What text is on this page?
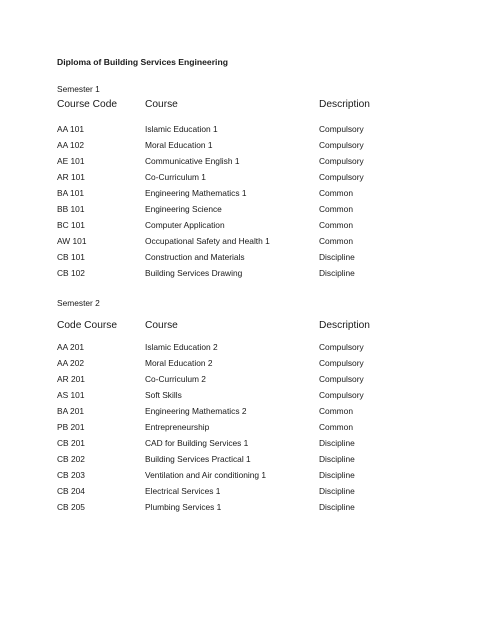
Diploma of Building Services Engineering
Semester 1
Course Code	Course	Description
AA 101	Islamic Education 1	Compulsory
AA 102	Moral Education 1	Compulsory
AE 101	Communicative English 1	Compulsory
AR 101	Co-Curriculum 1	Compulsory
BA 101	Engineering Mathematics 1	Common
BB 101	Engineering Science	Common
BC 101	Computer Application	Common
AW 101	Occupational Safety and Health 1	Common
CB 101	Construction and Materials	Discipline
CB 102	Building Services Drawing	Discipline
Semester 2
Code Course	Course	Description
AA 201	Islamic Education 2	Compulsory
AA 202	Moral Education 2	Compulsory
AR 201	Co-Curriculum 2	Compulsory
AS 101	Soft Skills	Compulsory
BA 201	Engineering Mathematics 2	Common
PB 201	Entrepreneurship	Common
CB 201	CAD for Building Services 1	Discipline
CB 202	Building Services Practical 1	Discipline
CB 203	Ventilation and Air conditioning 1	Discipline
CB 204	Electrical Services 1	Discipline
CB 205	Plumbing Services 1	Discipline
